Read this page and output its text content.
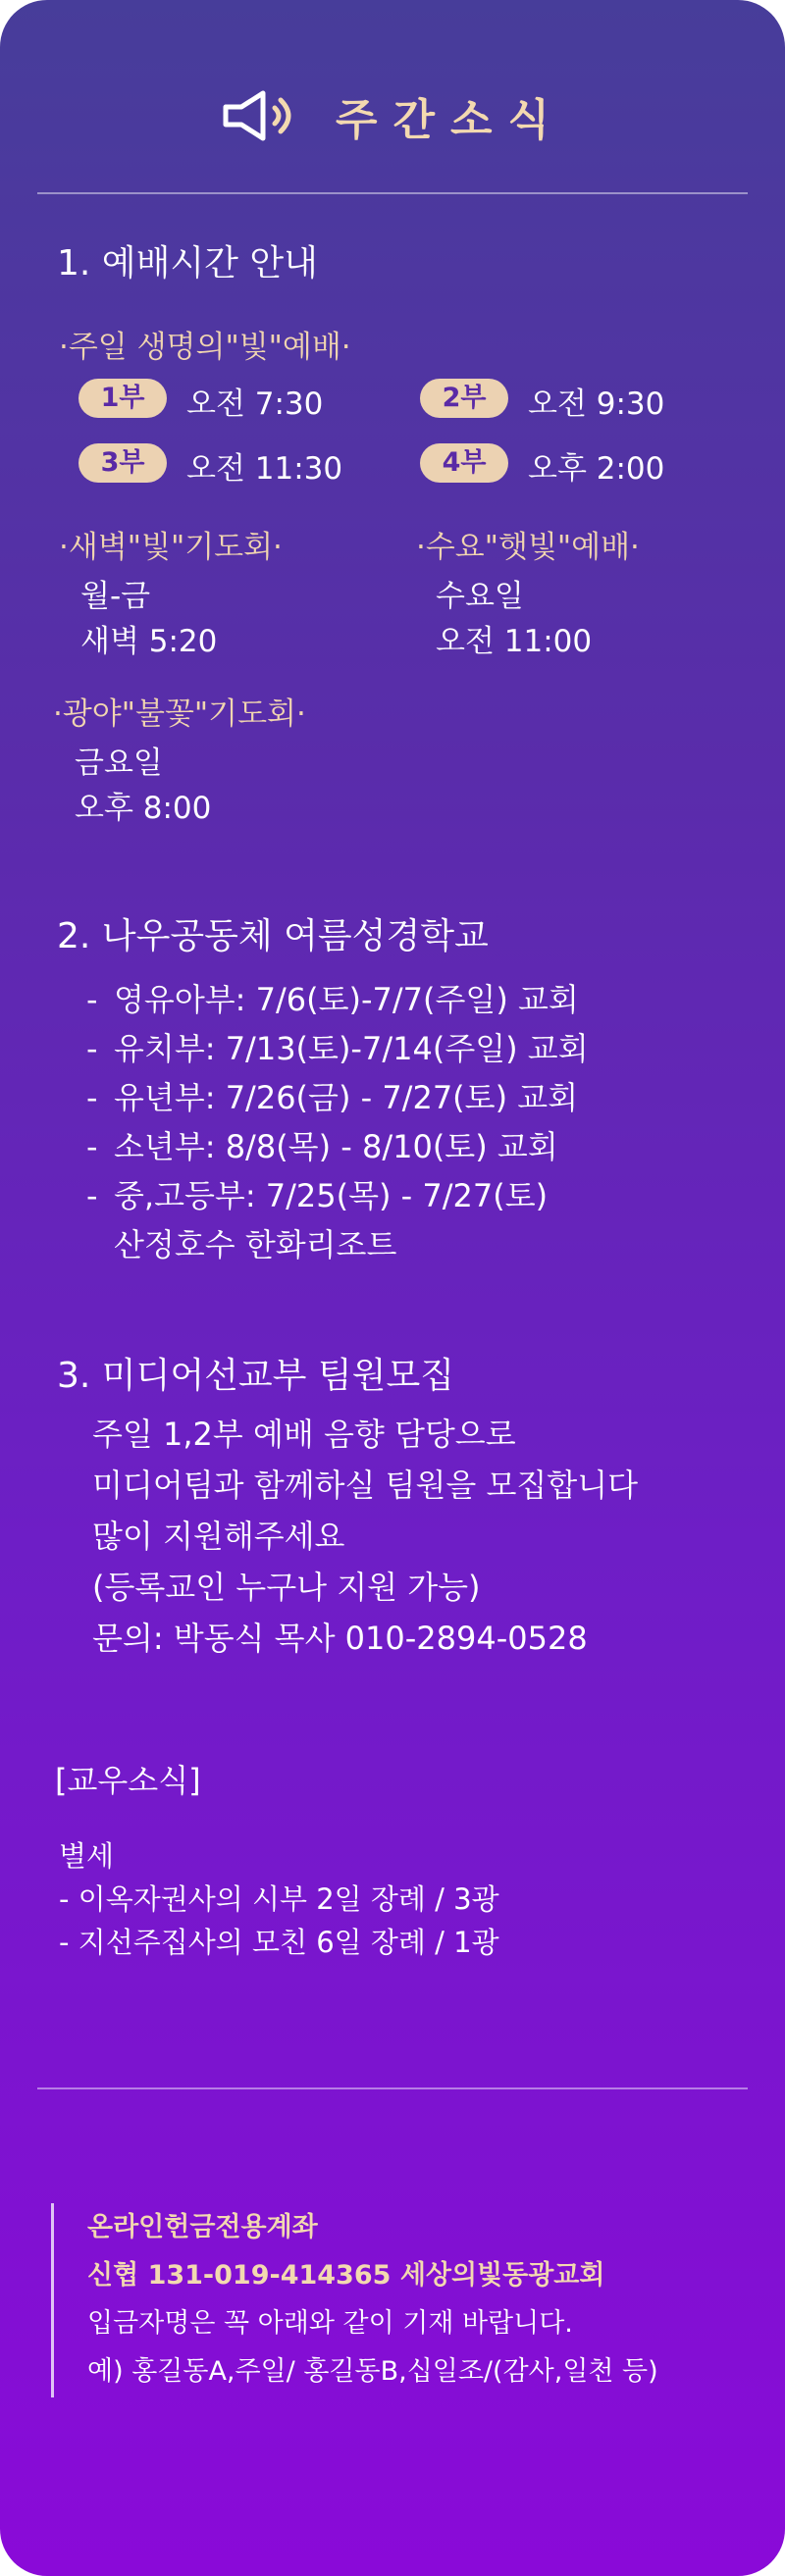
주간소식
1. 예배시간 안내
·주일 생명의"빛"예배·
1부	오전 7:30	2부	오전 9:30
3부	오전 11:30	4부	오후 2:00
·새벽"빛"기도회·
월-금
새벽 5:20
·수요"햇빛"예배·
수요일
오전 11:00
·광야"불꽃"기도회·
금요일
오후 8:00
2. 나우공동체 여름성경학교
- 영유아부: 7/6(토)-7/7(주일) 교회
- 유치부: 7/13(토)-7/14(주일) 교회
- 유년부: 7/26(금) - 7/27(토) 교회
- 소년부: 8/8(목) - 8/10(토) 교회
- 중,고등부: 7/25(목) - 7/27(토)
산정호수 한화리조트
3. 미디어선교부 팀원모집
주일 1,2부 예배 음향 담당으로
미디어팀과 함께하실 팀원을 모집합니다
많이 지원해주세요
(등록교인 누구나 지원 가능)
문의: 박동식 목사 010-2894-0528
[교우소식]
별세
- 이옥자권사의 시부 2일 장례 / 3광
- 지선주집사의 모친 6일 장례 / 1광
온라인헌금전용계좌
신협 131-019-414365 세상의빛동광교회
입금자명은 꼭 아래와 같이 기재 바랍니다.
예) 홍길동A,주일/ 홍길동B,십일조/(감사,일천 등)
